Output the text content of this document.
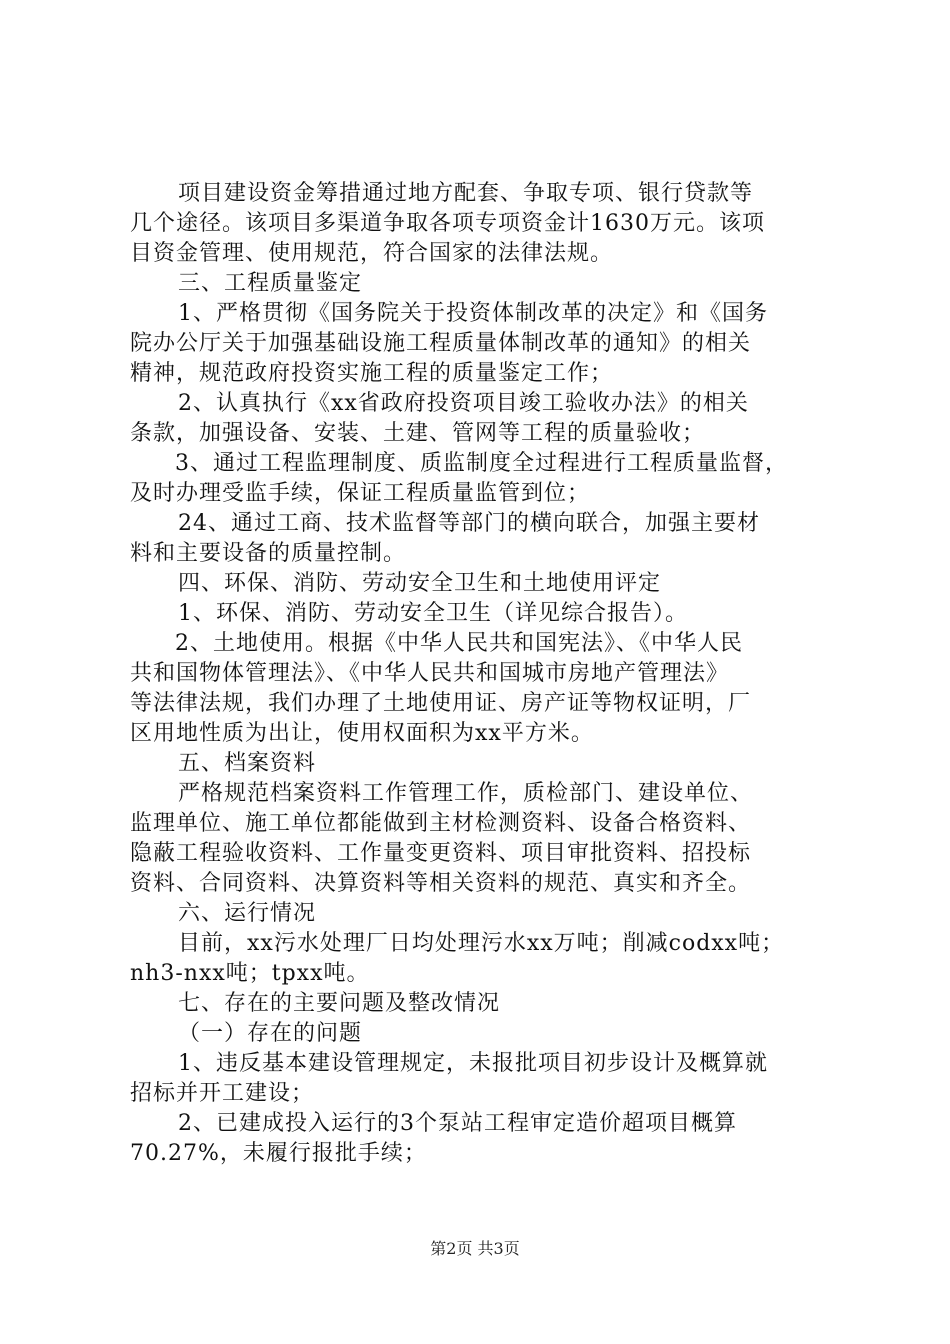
项目建设资金筹措通过地方配套、争取专项、银行贷款等
几个途径。该项目多渠道争取各项专项资金计1630万元。该项
目资金管理、使用规范，符合国家的法律法规。
三、工程质量鉴定
1、严格贯彻《国务院关于投资体制改革的决定》和《国务
院办公厅关于加强基础设施工程质量体制改革的通知》的相关
精神，规范政府投资实施工程的质量鉴定工作；
2、认真执行《xx省政府投资项目竣工验收办法》的相关
条款，加强设备、安装、土建、管网等工程的质量验收；
3、通过工程监理制度、质监制度全过程进行工程质量监督，
及时办理受监手续，保证工程质量监管到位；
24、通过工商、技术监督等部门的横向联合，加强主要材
料和主要设备的质量控制。
四、环保、消防、劳动安全卫生和土地使用评定
1、环保、消防、劳动安全卫生（详见综合报告）。
2、土地使用。根据《中华人民共和国宪法》、《中华人民
共和国物体管理法》、《中华人民共和国城市房地产管理法》
等法律法规，我们办理了土地使用证、房产证等物权证明，厂
区用地性质为出让，使用权面积为xx平方米。
五、档案资料
严格规范档案资料工作管理工作，质检部门、建设单位、
监理单位、施工单位都能做到主材检测资料、设备合格资料、
隐蔽工程验收资料、工作量变更资料、项目审批资料、招投标
资料、合同资料、决算资料等相关资料的规范、真实和齐全。
六、运行情况
目前，xx污水处理厂日均处理污水xx万吨；削减codxx吨；
nh3-nxx吨；tpxx吨。
七、存在的主要问题及整改情况
（一）存在的问题
1、违反基本建设管理规定，未报批项目初步设计及概算就
招标并开工建设；
2、已建成投入运行的3个泵站工程审定造价超项目概算
70.27%，未履行报批手续；
第2页 共3页
